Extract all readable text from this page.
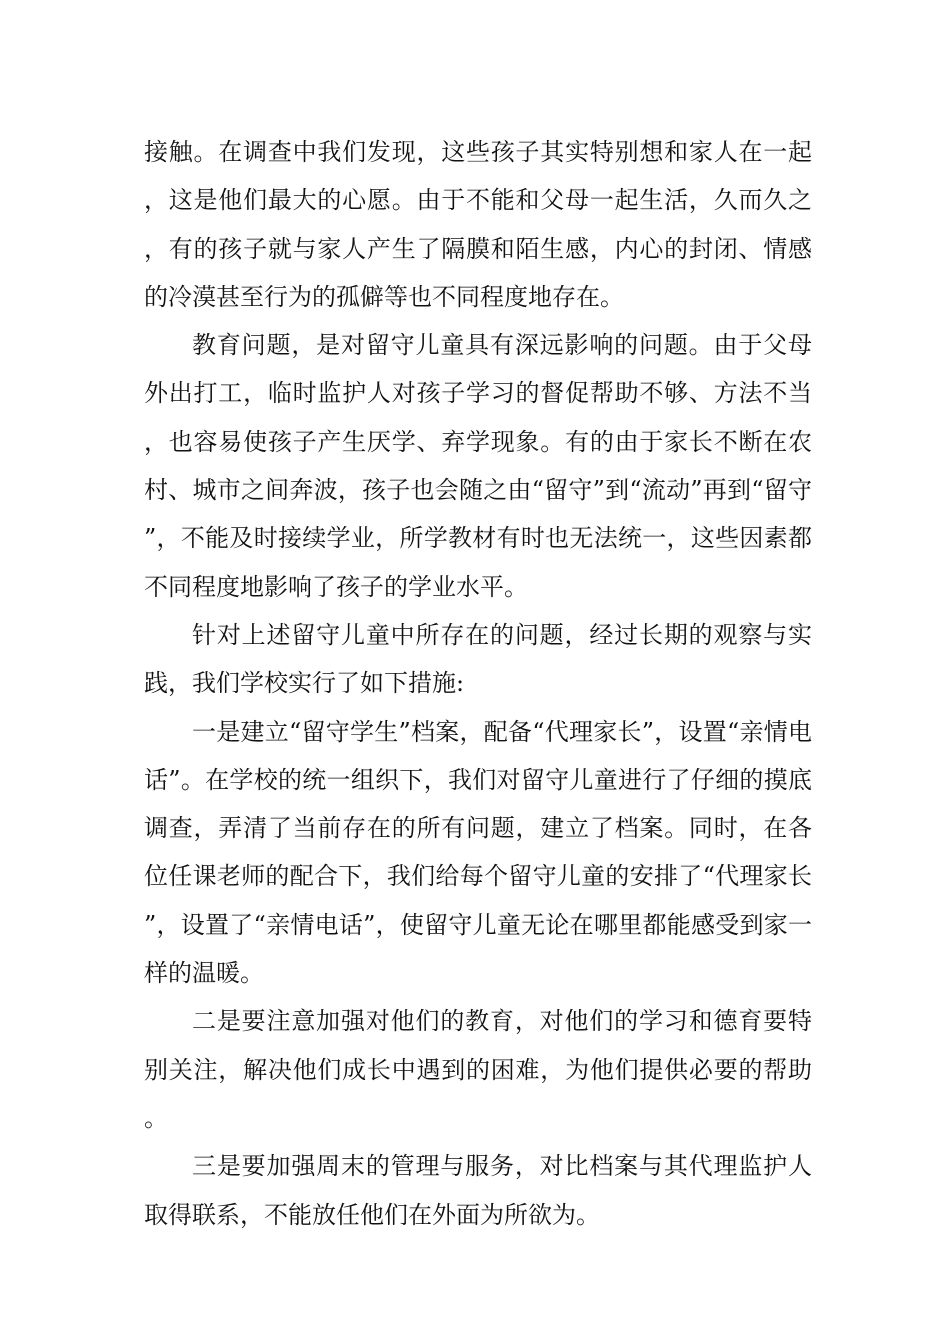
接触。在调查中我们发现，这些孩子其实特别想和家人在一起，这是他们最大的心愿。由于不能和父母一起生活，久而久之，有的孩子就与家人产生了隔膜和陌生感，内心的封闭、情感的冷漠甚至行为的孤僻等也不同程度地存在。

教育问题，是对留守儿童具有深远影响的问题。由于父母外出打工，临时监护人对孩子学习的督促帮助不够、方法不当，也容易使孩子产生厌学、弃学现象。有的由于家长不断在农村、城市之间奔波，孩子也会随之由“留守”到“流动”再到“留守”，不能及时接续学业，所学教材有时也无法统一，这些因素都不同程度地影响了孩子的学业水平。

针对上述留守儿童中所存在的问题，经过长期的观察与实践，我们学校实行了如下措施:

一是建立“留守学生”档案，配备“代理家长”，设置“亲情电话”。在学校的统一组织下，我们对留守儿童进行了仔细的摸底调查，弄清了当前存在的所有问题，建立了档案。同时，在各位任课老师的配合下，我们给每个留守儿童的安排了“代理家长”，设置了“亲情电话”，使留守儿童无论在哪里都能感受到家一样的温暖。

二是要注意加强对他们的教育，对他们的学习和德育要特别关注，解决他们成长中遇到的困难，为他们提供必要的帮助。

三是要加强周末的管理与服务，对比档案与其代理监护人取得联系，不能放任他们在外面为所欲为。
